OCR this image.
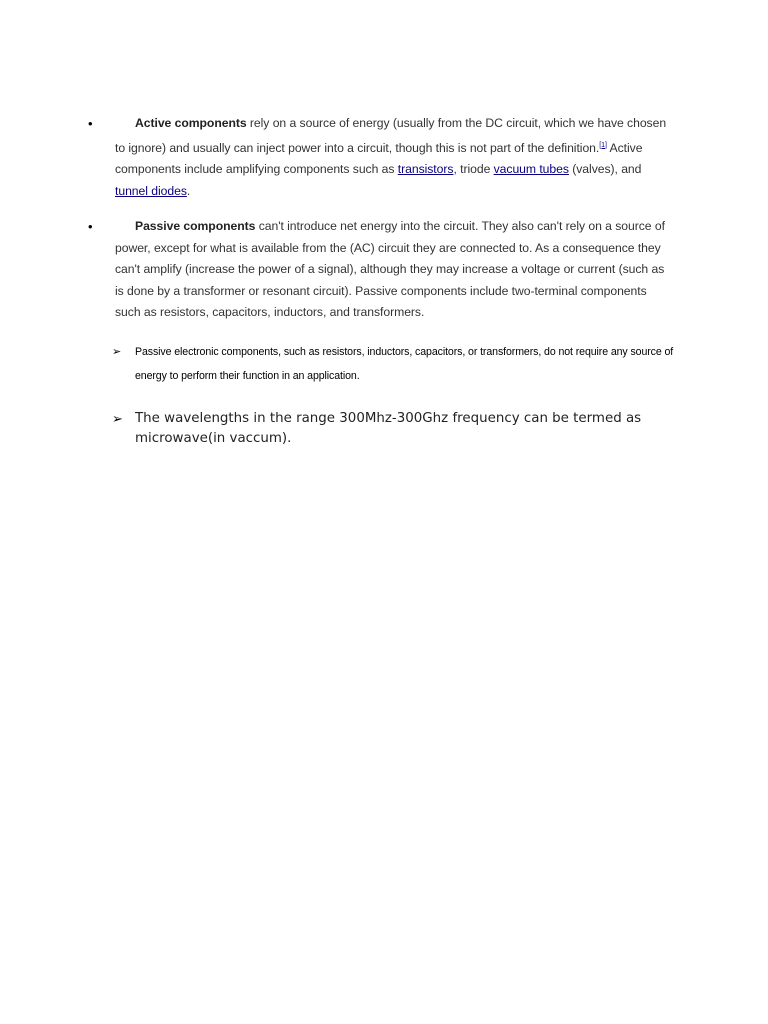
•	Active components rely on a source of energy (usually from the DC circuit, which we have chosen to ignore) and usually can inject power into a circuit, though this is not part of the definition.[1] Active components include amplifying components such as transistors, triode vacuum tubes (valves), and tunnel diodes.
•	Passive components can't introduce net energy into the circuit. They also can't rely on a source of power, except for what is available from the (AC) circuit they are connected to. As a consequence they can't amplify (increase the power of a signal), although they may increase a voltage or current (such as is done by a transformer or resonant circuit). Passive components include two-terminal components such as resistors, capacitors, inductors, and transformers.
➢ Passive electronic components, such as resistors, inductors, capacitors, or transformers, do not require any source of energy to perform their function in an application.
➢ The wavelengths in the range 300Mhz-300Ghz frequency can be termed as microwave(in vaccum).
